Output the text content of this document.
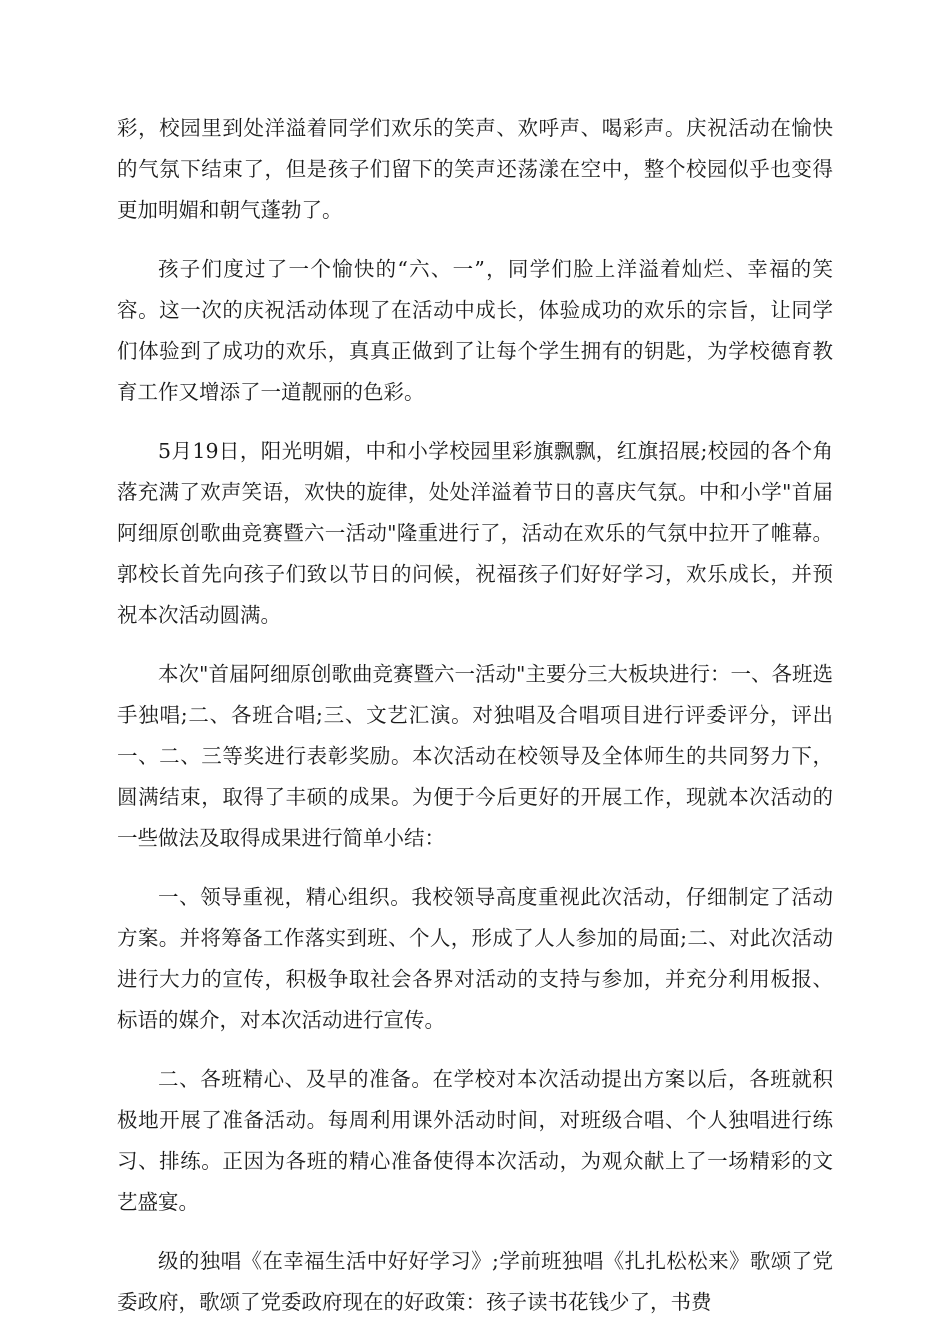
彩，校园里到处洋溢着同学们欢乐的笑声、欢呼声、喝彩声。庆祝活动在愉快的气氛下结束了，但是孩子们留下的笑声还荡漾在空中，整个校园似乎也变得更加明媚和朝气蓬勃了。

孩子们度过了一个愉快的“六、一”，同学们脸上洋溢着灿烂、幸福的笑容。这一次的庆祝活动体现了在活动中成长，体验成功的欢乐的宗旨，让同学们体验到了成功的欢乐，真真正做到了让每个学生拥有的钥匙，为学校德育教育工作又增添了一道靓丽的色彩。

5月19日，阳光明媚，中和小学校园里彩旗飘飘，红旗招展;校园的各个角落充满了欢声笑语，欢快的旋律，处处洋溢着节日的喜庆气氛。中和小学"首届阿细原创歌曲竞赛暨六一活动"隆重进行了，活动在欢乐的气氛中拉开了帷幕。郭校长首先向孩子们致以节日的问候，祝福孩子们好好学习，欢乐成长，并预祝本次活动圆满。

本次"首届阿细原创歌曲竞赛暨六一活动"主要分三大板块进行：一、各班选手独唱;二、各班合唱;三、文艺汇演。对独唱及合唱项目进行评委评分，评出一、二、三等奖进行表彰奖励。本次活动在校领导及全体师生的共同努力下，圆满结束，取得了丰硕的成果。为便于今后更好的开展工作，现就本次活动的一些做法及取得成果进行简单小结：

一、领导重视，精心组织。我校领导高度重视此次活动，仔细制定了活动方案。并将筹备工作落实到班、个人，形成了人人参加的局面;二、对此次活动进行大力的宣传，积极争取社会各界对活动的支持与参加，并充分利用板报、标语的媒介，对本次活动进行宣传。

二、各班精心、及早的准备。在学校对本次活动提出方案以后，各班就积极地开展了准备活动。每周利用课外活动时间，对班级合唱、个人独唱进行练习、排练。正因为各班的精心准备使得本次活动，为观众献上了一场精彩的文艺盛宴。

级的独唱《在幸福生活中好好学习》;学前班独唱《扎扎松松来》歌颂了党委政府，歌颂了党委政府现在的好政策：孩子读书花钱少了，书费
